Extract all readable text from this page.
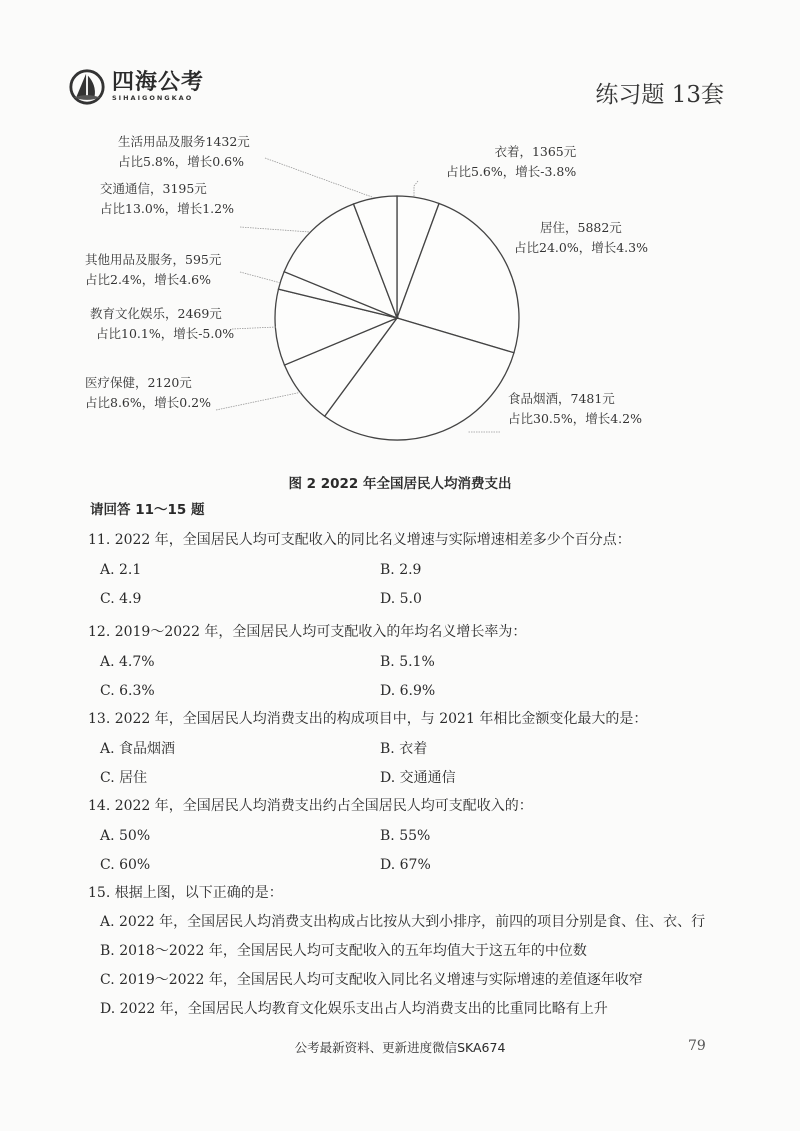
四海公考
SIHAIGONGKAO	练习题 13套
衣着，1365元
占比5.6%，增长-3.8%
居住，5882元
占比24.0%，增长4.3%
食品烟酒，7481元
占比30.5%，增长4.2%
医疗保健，2120元
占比8.6%，增长0.2%
教育文化娱乐，2469元
占比10.1%，增长-5.0%
其他用品及服务，595元
占比2.4%，增长4.6%
交通通信，3195元
占比13.0%，增长1.2%
生活用品及服务1432元
占比5.8%，增长0.6%
图 2 2022 年全国居民人均消费支出
请回答 11～15 题
11. 2022 年，全国居民人均可支配收入的同比名义增速与实际增速相差多少个百分点：
A. 2.1	B. 2.9
C. 4.9	D. 5.0
12. 2019～2022 年，全国居民人均可支配收入的年均名义增长率为：
A. 4.7%	B. 5.1%
C. 6.3%	D. 6.9%
13. 2022 年，全国居民人均消费支出的构成项目中，与 2021 年相比金额变化最大的是：
A. 食品烟酒	B. 衣着
C. 居住	D. 交通通信
14. 2022 年，全国居民人均消费支出约占全国居民人均可支配收入的：
A. 50%	B. 55%
C. 60%	D. 67%
15. 根据上图，以下正确的是：
A. 2022 年，全国居民人均消费支出构成占比按从大到小排序，前四的项目分别是食、住、衣、行
B. 2018～2022 年，全国居民人均可支配收入的五年均值大于这五年的中位数
C. 2019～2022 年，全国居民人均可支配收入同比名义增速与实际增速的差值逐年收窄
D. 2022 年，全国居民人均教育文化娱乐支出占人均消费支出的比重同比略有上升
公考最新资料、更新进度微信SKA674	79
